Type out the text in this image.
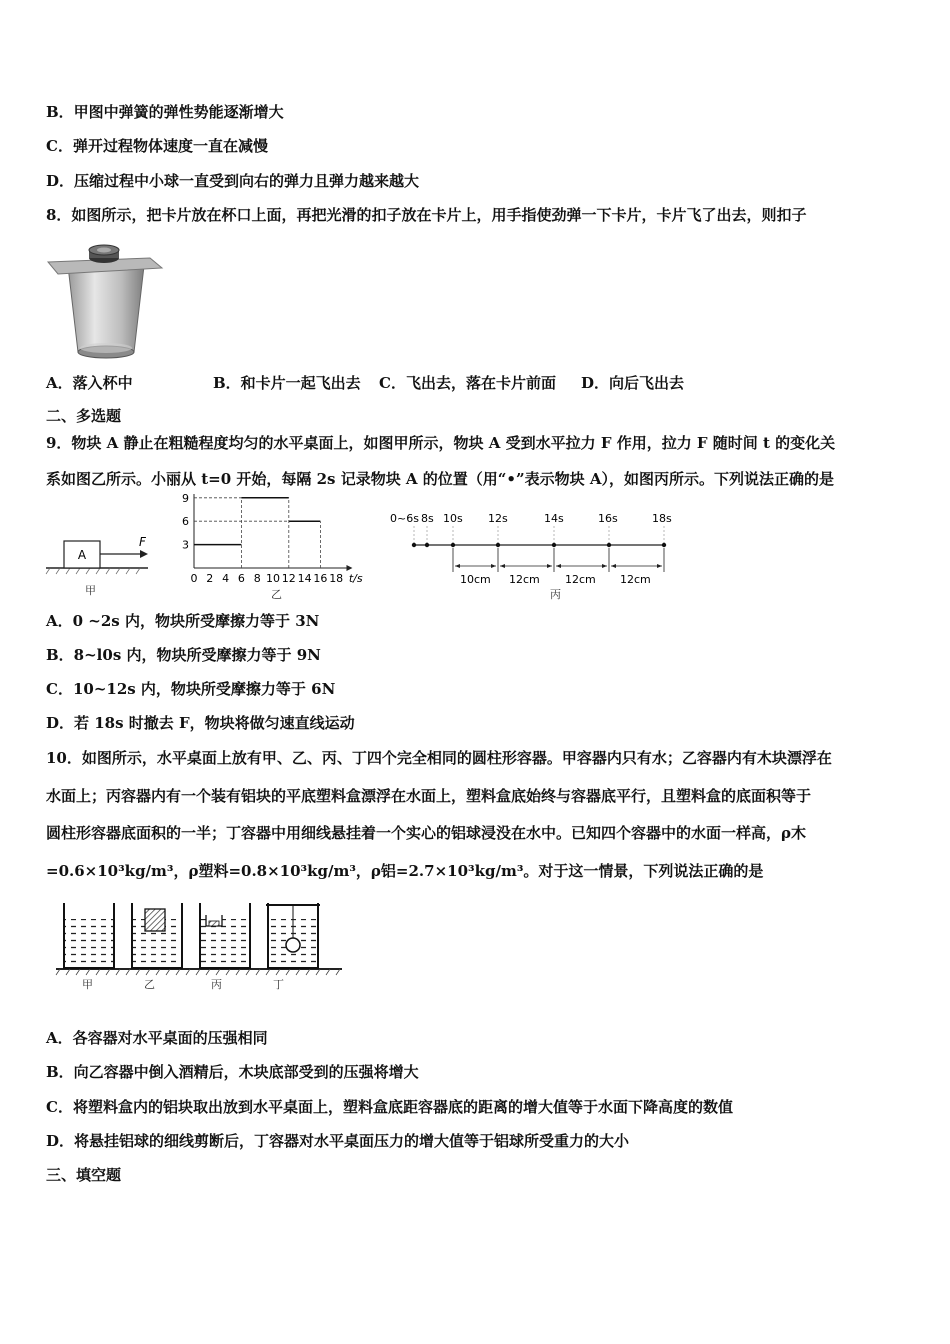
B．甲图中弹簧的弹性势能逐渐增大
C．弹开过程物体速度一直在减慢
D．压缩过程中小球一直受到向右的弹力且弹力越来越大
8．如图所示，把卡片放在杯口上面，再把光滑的扣子放在卡片上，用手指使劲弹一下卡片，卡片飞了出去，则扣子
A．落入杯中	B．和卡片一起飞出去 C．飞出去，落在卡片前面 D．向后飞出去
二、多选题
9．物块 A 静止在粗糙程度均匀的水平桌面上，如图甲所示，物块 A 受到水平拉力 F 作用，拉力 F 随时间 t 的变化关
系如图乙所示。小丽从 t=0 开始，每隔 2s 记录物块 A 的位置（用“•”表示物块 A），如图丙所示。下列说法正确的是
A
F
甲
t/s
9
6
3
0 2 4 6 8 10 12 14 16 18
乙
0~6s 8s 10s 12s	14s	16s	18s
10cm 12cm 12cm 12cm
丙
A．0 ~2s 内，物块所受摩擦力等于 3N
B．8~l0s 内，物块所受摩擦力等于 9N
C．10~12s 内，物块所受摩擦力等于 6N
D．若 18s 时撤去 F，物块将做匀速直线运动
10．如图所示，水平桌面上放有甲、乙、丙、丁四个完全相同的圆柱形容器。甲容器内只有水；乙容器内有木块漂浮在
水面上；丙容器内有一个装有铝块的平底塑料盒漂浮在水面上，塑料盒底始终与容器底平行，且塑料盒的底面积等于
圆柱形容器底面积的一半；丁容器中用细线悬挂着一个实心的铝球浸没在水中。已知四个容器中的水面一样高，ρ木
=0.6×10³kg/m³，ρ塑料=0.8×10³kg/m³，ρ铝=2.7×10³kg/m³。对于这一情景，下列说法正确的是
甲	乙	丙	丁
A．各容器对水平桌面的压强相同
B．向乙容器中倒入酒精后，木块底部受到的压强将增大
C．将塑料盒内的铝块取出放到水平桌面上，塑料盒底距容器底的距离的增大值等于水面下降高度的数值
D．将悬挂铝球的细线剪断后，丁容器对水平桌面压力的增大值等于铝球所受重力的大小
三、填空题
